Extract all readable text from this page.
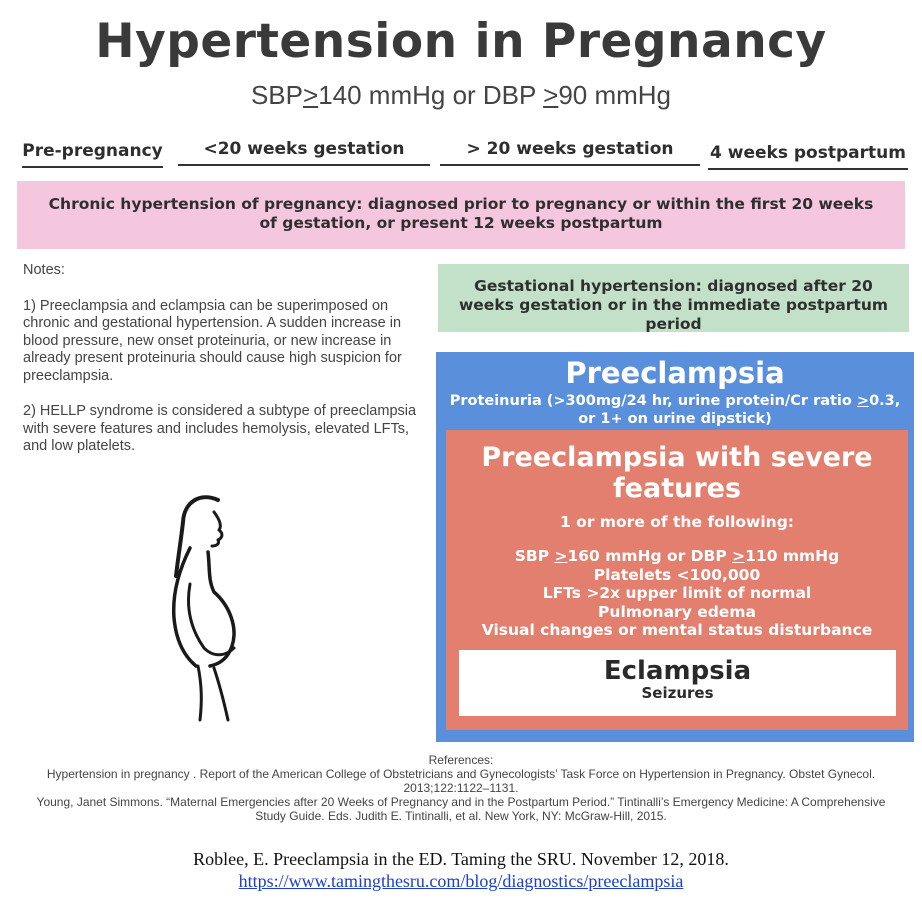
Hypertension in Pregnancy
SBP>140 mmHg or DBP >90 mmHg
Pre-pregnancy	<20 weeks gestation	> 20 weeks gestation	4 weeks postpartum
Chronic hypertension of pregnancy: diagnosed prior to pregnancy or within the first 20 weeks of gestation, or present 12 weeks postpartum

Notes:

1) Preeclampsia and eclampsia can be superimposed on chronic and gestational hypertension. A sudden increase in blood pressure, new onset proteinuria, or new increase in already present proteinuria should cause high suspicion for preeclampsia.

2) HELLP syndrome is considered a subtype of preeclampsia with severe features and includes hemolysis, elevated LFTs, and low platelets.

Gestational hypertension: diagnosed after 20 weeks gestation or in the immediate postpartum period
Preeclampsia
Proteinuria (>300mg/24 hr, urine protein/Cr ratio >0.3, or 1+ on urine dipstick)
Preeclampsia with severe features
1 or more of the following:
SBP >160 mmHg or DBP >110 mmHg
Platelets <100,000
LFTs >2x upper limit of normal
Pulmonary edema
Visual changes or mental status disturbance
Eclampsia
Seizures
References:
Hypertension in pregnancy . Report of the American College of Obstetricians and Gynecologists’ Task Force on Hypertension in Pregnancy. Obstet Gynecol. 2013;122:1122–1131.
Young, Janet Simmons. “Maternal Emergencies after 20 Weeks of Pregnancy and in the Postpartum Period.” Tintinalli’s Emergency Medicine: A Comprehensive Study Guide. Eds. Judith E. Tintinalli, et al. New York, NY: McGraw-Hill, 2015.
Roblee, E. Preeclampsia in the ED. Taming the SRU. November 12, 2018.
https://www.tamingthesru.com/blog/diagnostics/preeclampsia
